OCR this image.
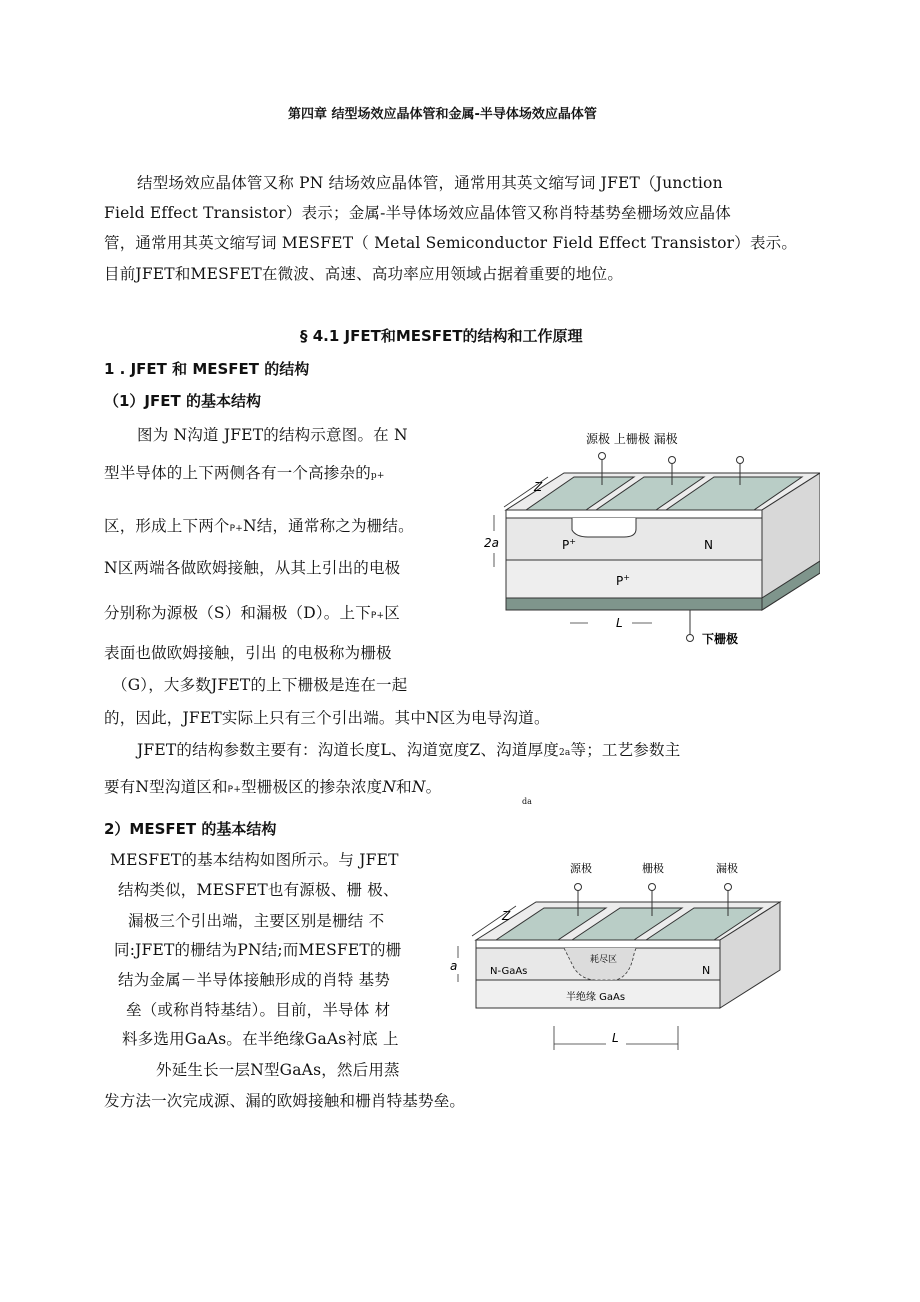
第四章 结型场效应晶体管和金属-半导体场效应晶体管
结型场效应晶体管又称 PN 结场效应晶体管，通常用其英文缩写词 JFET（Junction
Field Effect Transistor）表示；金属-半导体场效应晶体管又称肖特基势垒栅场效应晶体
管，通常用其英文缩写词 MESFET（ Metal Semiconductor Field Effect Transistor）表示。
目前JFET和MESFET在微波、高速、高功率应用领域占据着重要的地位。
§ 4.1 JFET和MESFET的结构和工作原理
1 . JFET 和 MESFET 的结构
（1）JFET 的基本结构
图为 N沟道 JFET的结构示意图。在 N
型半导体的上下两侧各有一个高掺杂的p+
区，形成上下两个P+N结，通常称之为栅结。
N区两端各做欧姆接触，从其上引出的电极
分别称为源极（S）和漏极（D）。上下P+区
表面也做欧姆接触，引出 的电极称为栅极
（G），大多数JFET的上下栅极是连在一起
的，因此，JFET实际上只有三个引出端。其中N区为电导沟道。
JFET的结构参数主要有：沟道长度L、沟道宽度Z、沟道厚度2a等；工艺参数主
要有N型沟道区和P+型栅极区的掺杂浓度N和N。
da
2）MESFET 的基本结构
MESFET的基本结构如图所示。与 JFET
结构类似，MESFET也有源极、栅 极、
漏极三个引出端，主要区别是栅结 不
同:JFET的栅结为PN结;而MESFET的栅
结为金属－半导体接触形成的肖特 基势
垒（或称肖特基结）。目前，半导体 材
料多选用GaAs。在半绝缘GaAs衬底 上
外延生长一层N型GaAs，然后用蒸
发方法一次完成源、漏的欧姆接触和栅肖特基势垒。
源极 上栅极 漏极
Z
2a	P+	N
P+
L
下栅极
源极	栅极	漏极
Z
a	耗尽区
N-GaAs	N
半绝缘 GaAs
L
